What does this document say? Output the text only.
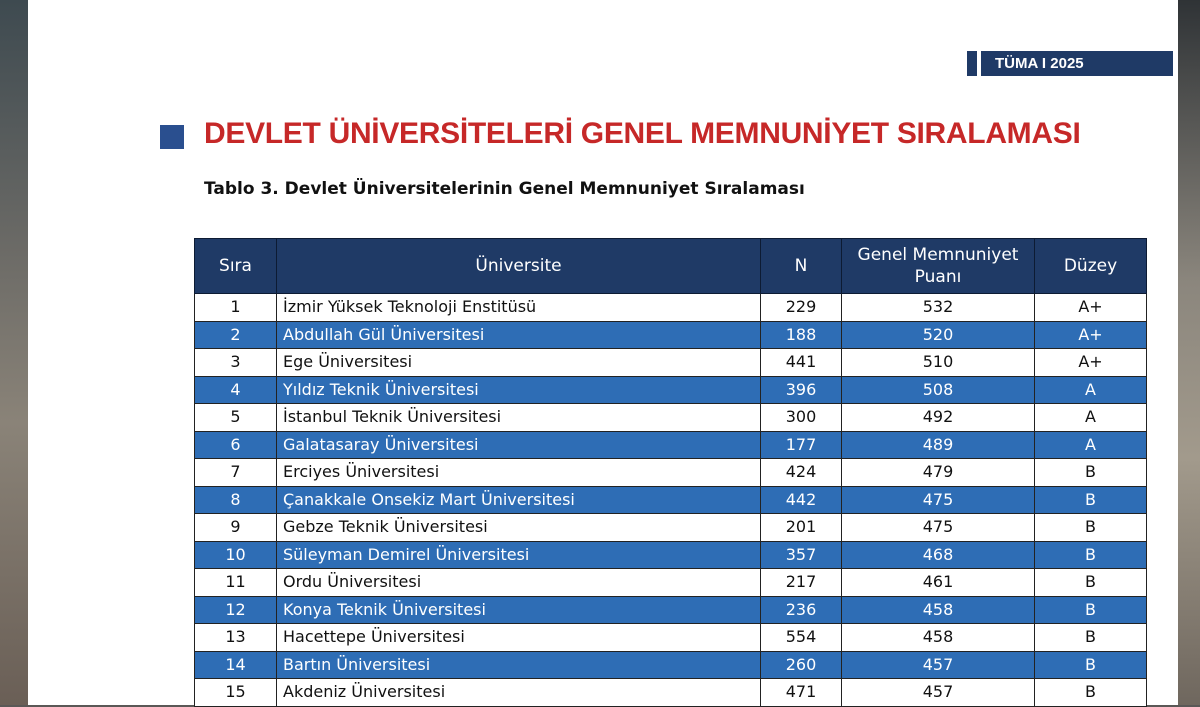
TÜMA I 2025
DEVLET ÜNİVERSİTELERİ GENEL MEMNUNİYET SIRALAMASI

Tablo 3. Devlet Üniversitelerinin Genel Memnuniyet Sıralaması

Sıra	Üniversite	N	Genel Memnuniyet Puanı	Düzey
1	İzmir Yüksek Teknoloji Enstitüsü	229	532	A+
2	Abdullah Gül Üniversitesi	188	520	A+
3	Ege Üniversitesi	441	510	A+
4	Yıldız Teknik Üniversitesi	396	508	A
5	İstanbul Teknik Üniversitesi	300	492	A
6	Galatasaray Üniversitesi	177	489	A
7	Erciyes Üniversitesi	424	479	B
8	Çanakkale Onsekiz Mart Üniversitesi	442	475	B
9	Gebze Teknik Üniversitesi	201	475	B
10	Süleyman Demirel Üniversitesi	357	468	B
11	Ordu Üniversitesi	217	461	B
12	Konya Teknik Üniversitesi	236	458	B
13	Hacettepe Üniversitesi	554	458	B
14	Bartın Üniversitesi	260	457	B
15	Akdeniz Üniversitesi	471	457	B
